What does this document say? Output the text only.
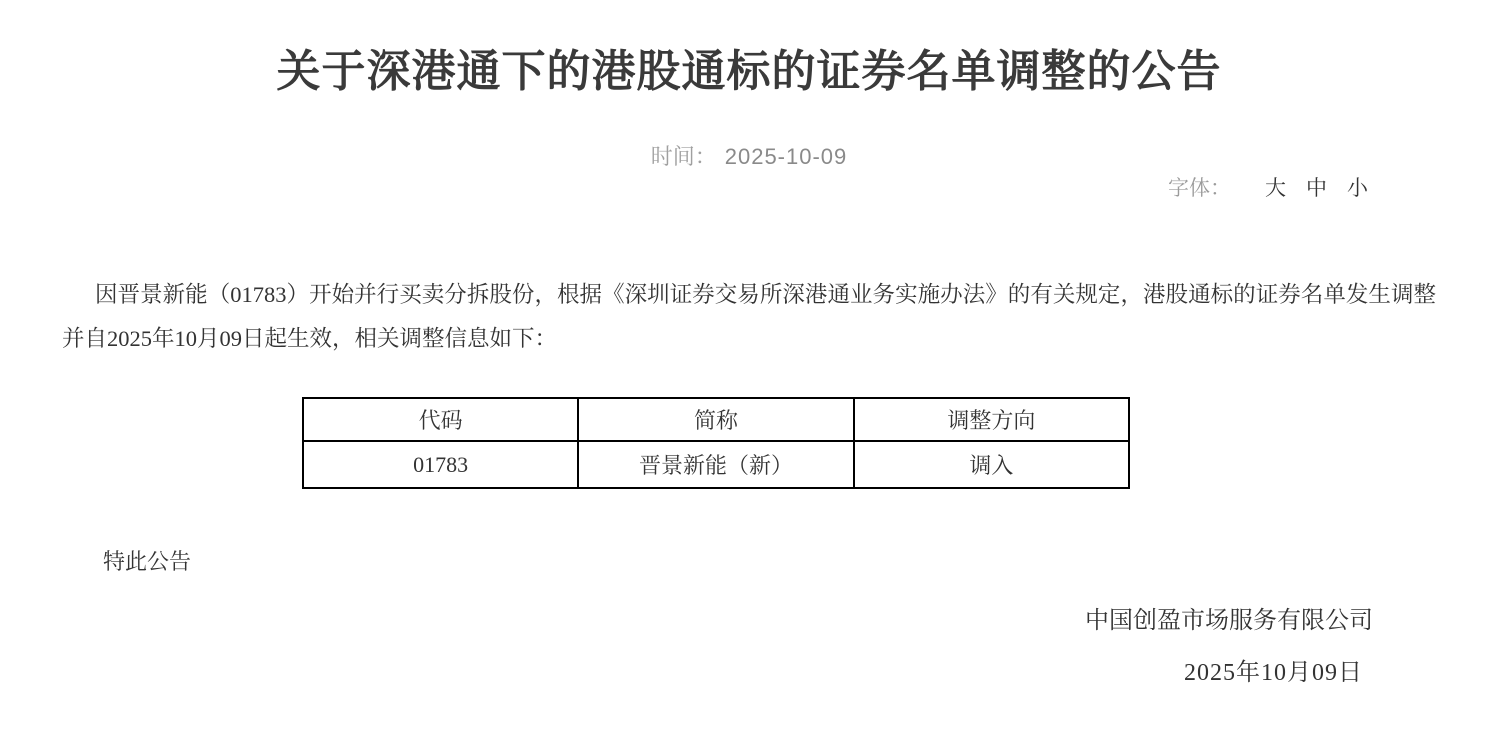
关于深港通下的港股通标的证券名单调整的公告
时间： 2025-10-09
字体： 大 中 小
因晋景新能（01783）开始并行买卖分拆股份，根据《深圳证券交易所深港通业务实施办法》的有关规定，港股通标的证券名单发生调整并自2025年10月09日起生效，相关调整信息如下：
代码	简称	调整方向
01783	晋景新能（新）	调入
特此公告
中国创盈市场服务有限公司
2025年10月09日
